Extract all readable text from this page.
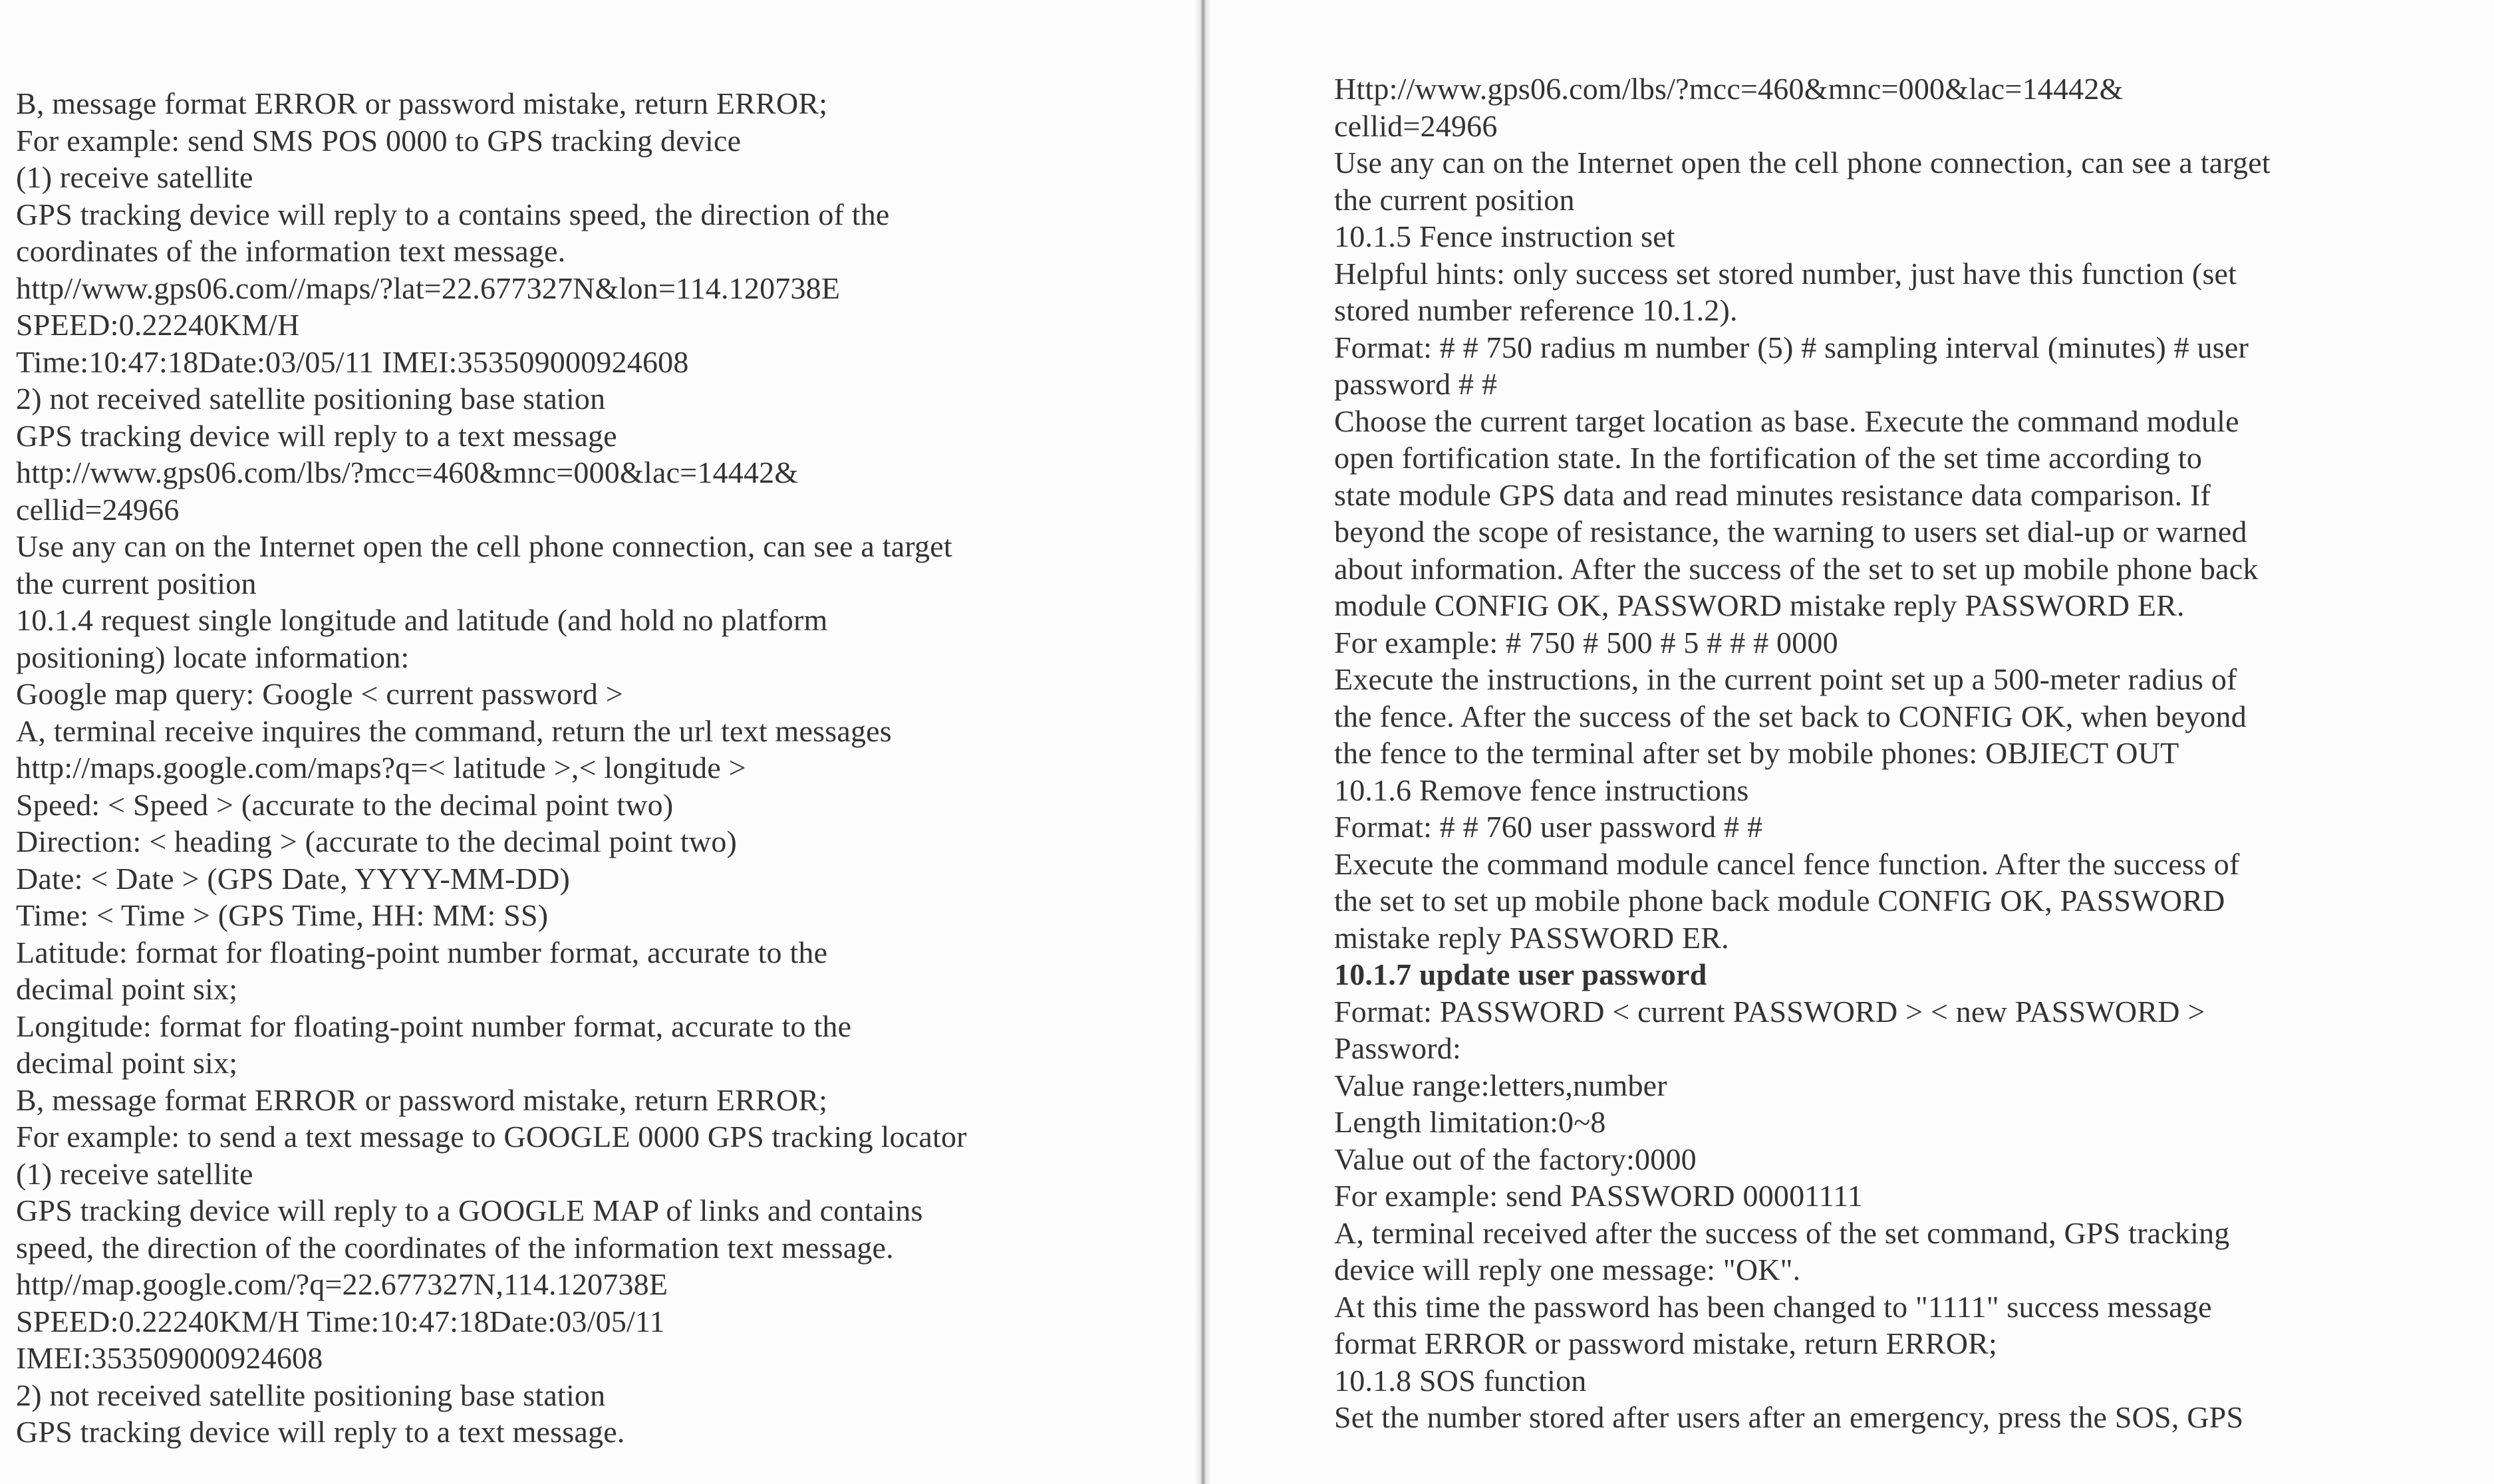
B, message format ERROR or password mistake, return ERROR;
For example: send SMS POS 0000 to GPS tracking device
(1) receive satellite
GPS tracking device will reply to a contains speed, the direction of the
coordinates of the information text message.
http//www.gps06.com//maps/?lat=22.677327N&lon=114.120738E
SPEED:0.22240KM/H
Time:10:47:18Date:03/05/11 IMEI:353509000924608
2) not received satellite positioning base station
GPS tracking device will reply to a text message
http://www.gps06.com/lbs/?mcc=460&mnc=000&lac=14442&
cellid=24966
Use any can on the Internet open the cell phone connection, can see a target
the current position
10.1.4 request single longitude and latitude (and hold no platform
positioning) locate information:
Google map query: Google < current password >
A, terminal receive inquires the command, return the url text messages
http://maps.google.com/maps?q=< latitude >,< longitude >
Speed: < Speed > (accurate to the decimal point two)
Direction: < heading > (accurate to the decimal point two)
Date: < Date > (GPS Date, YYYY-MM-DD)
Time: < Time > (GPS Time, HH: MM: SS)
Latitude: format for floating-point number format, accurate to the
decimal point six;
Longitude: format for floating-point number format, accurate to the
decimal point six;
B, message format ERROR or password mistake, return ERROR;
For example: to send a text message to GOOGLE 0000 GPS tracking locator
(1) receive satellite
GPS tracking device will reply to a GOOGLE MAP of links and contains
speed, the direction of the coordinates of the information text message.
http//map.google.com/?q=22.677327N,114.120738E
SPEED:0.22240KM/H Time:10:47:18Date:03/05/11
IMEI:353509000924608
2) not received satellite positioning base station
GPS tracking device will reply to a text message.
Http://www.gps06.com/lbs/?mcc=460&mnc=000&lac=14442&
cellid=24966
Use any can on the Internet open the cell phone connection, can see a target
the current position
10.1.5 Fence instruction set
Helpful hints: only success set stored number, just have this function (set
stored number reference 10.1.2).
Format: # # 750 radius m number (5) # sampling interval (minutes) # user
password # #
Choose the current target location as base. Execute the command module
open fortification state. In the fortification of the set time according to
state module GPS data and read minutes resistance data comparison. If
beyond the scope of resistance, the warning to users set dial-up or warned
about information. After the success of the set to set up mobile phone back
module CONFIG OK, PASSWORD mistake reply PASSWORD ER.
For example: # 750 # 500 # 5 # # # 0000
Execute the instructions, in the current point set up a 500-meter radius of
the fence. After the success of the set back to CONFIG OK, when beyond
the fence to the terminal after set by mobile phones: OBJIECT OUT
10.1.6 Remove fence instructions
Format: # # 760 user password # #
Execute the command module cancel fence function. After the success of
the set to set up mobile phone back module CONFIG OK, PASSWORD
mistake reply PASSWORD ER.
10.1.7 update user password
Format: PASSWORD < current PASSWORD > < new PASSWORD >
Password:
Value range:letters,number
Length limitation:0~8
Value out of the factory:0000
For example: send PASSWORD 00001111
A, terminal received after the success of the set command, GPS tracking
device will reply one message: "OK".
At this time the password has been changed to "1111" success message
format ERROR or password mistake, return ERROR;
10.1.8 SOS function
Set the number stored after users after an emergency, press the SOS, GPS
